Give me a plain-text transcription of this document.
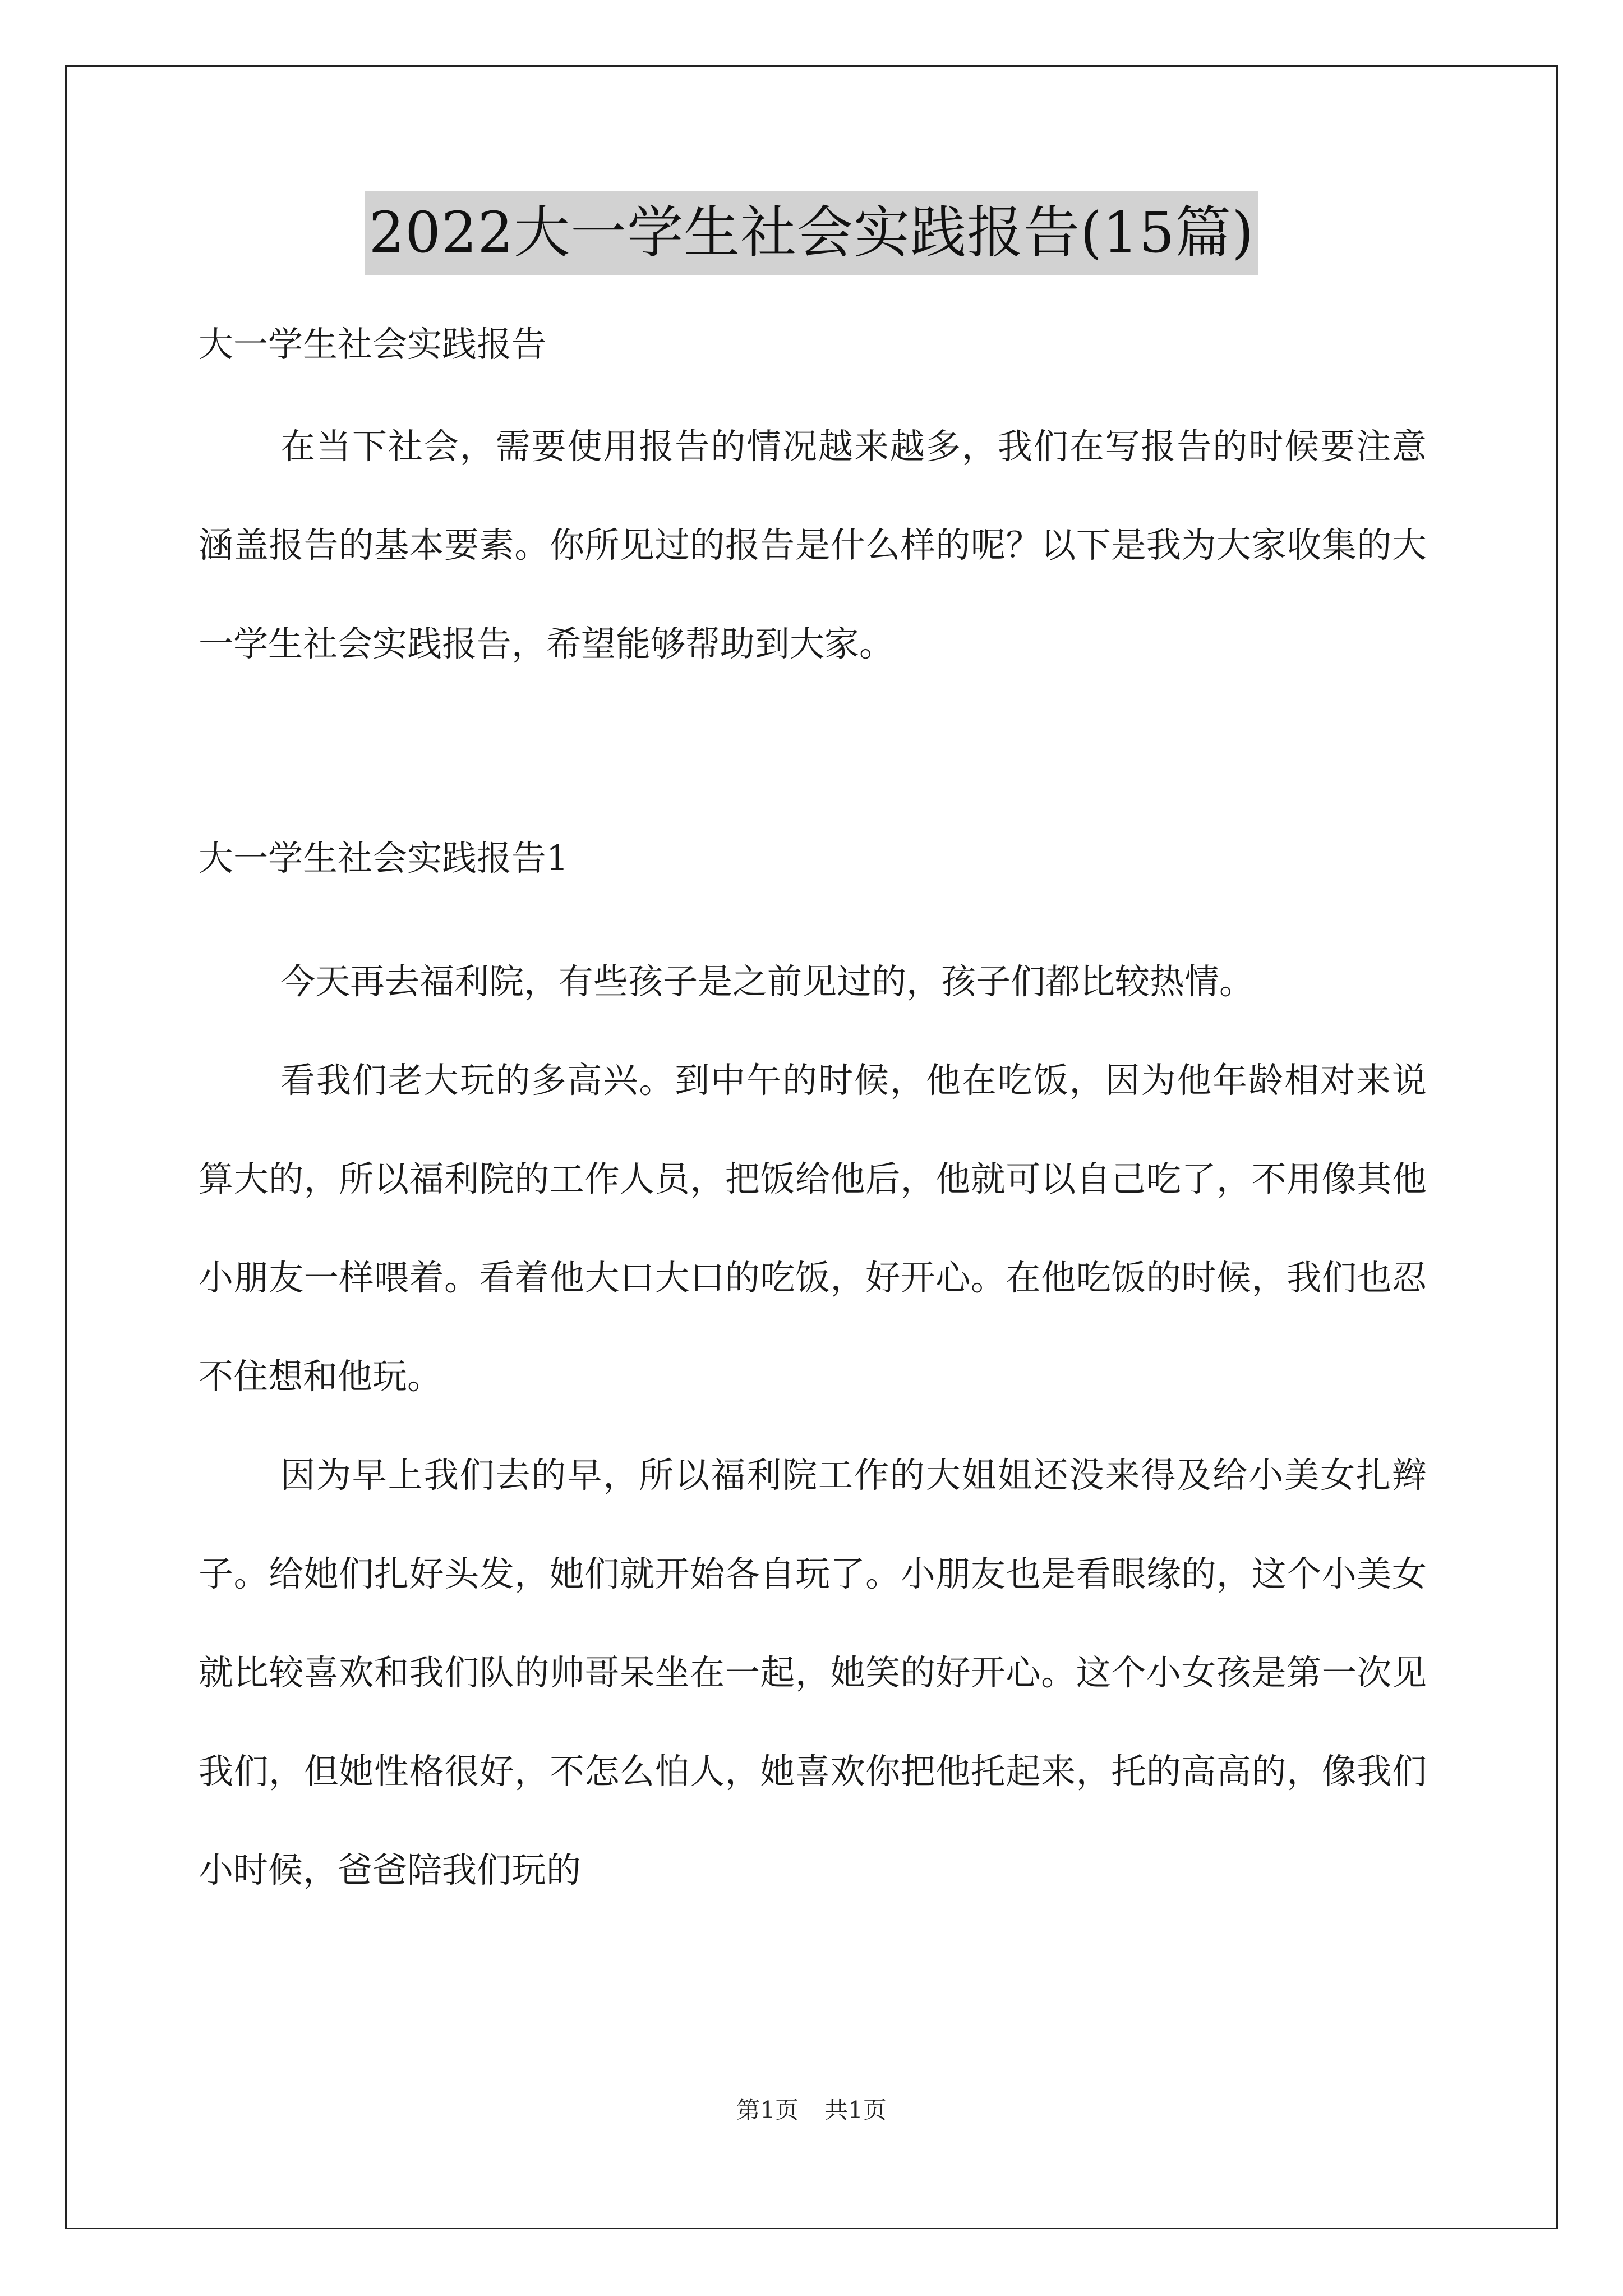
2022大一学生社会实践报告(15篇)

大一学生社会实践报告

在当下社会，需要使用报告的情况越来越多，我们在写报告的时候要注意涵盖报告的基本要素。你所见过的报告是什么样的呢？以下是我为大家收集的大一学生社会实践报告，希望能够帮助到大家。

大一学生社会实践报告1

今天再去福利院，有些孩子是之前见过的，孩子们都比较热情。

看我们老大玩的多高兴。到中午的时候，他在吃饭，因为他年龄相对来说算大的，所以福利院的工作人员，把饭给他后，他就可以自己吃了，不用像其他小朋友一样喂着。看着他大口大口的吃饭，好开心。在他吃饭的时候，我们也忍不住想和他玩。

因为早上我们去的早，所以福利院工作的大姐姐还没来得及给小美女扎辫子。给她们扎好头发，她们就开始各自玩了。小朋友也是看眼缘的，这个小美女就比较喜欢和我们队的帅哥呆坐在一起，她笑的好开心。这个小女孩是第一次见我们，但她性格很好，不怎么怕人，她喜欢你把他托起来，托的高高的，像我们小时候，爸爸陪我们玩的

第1页 共1页
